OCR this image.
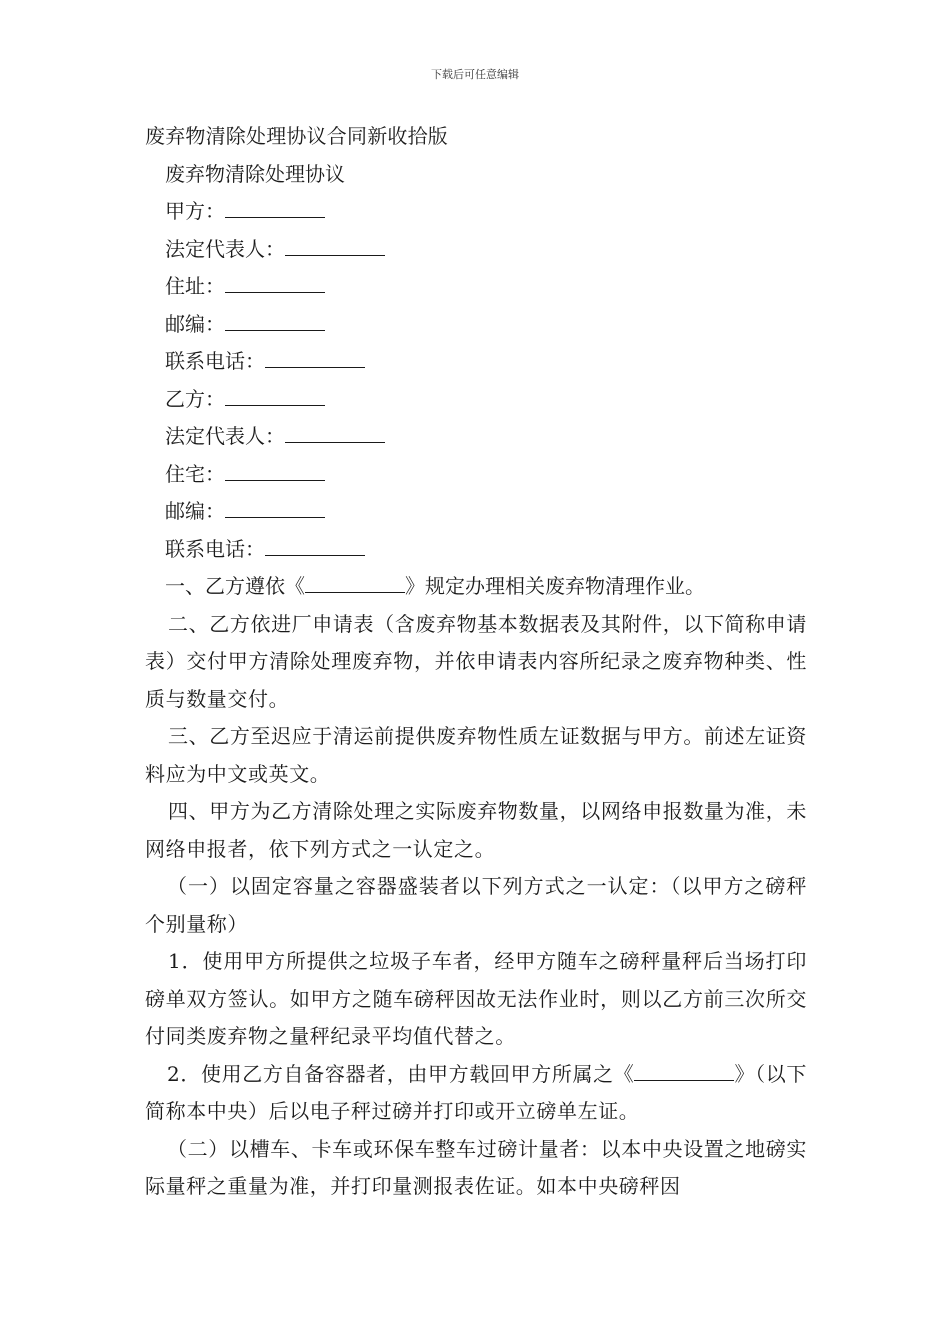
下载后可任意编辑
废弃物清除处理协议合同新收拾版
废弃物清除处理协议
甲方：
法定代表人：
住址：
邮编：
联系电话：
乙方：
法定代表人：
住宅：
邮编：
联系电话：
一、乙方遵依《	》规定办理相关废弃物清理作业。
二、乙方依进厂申请表（含废弃物基本数据表及其附件，以下简称申请表）交付甲方清除处理废弃物，并依申请表内容所纪录之废弃物种类、性质与数量交付。
三、乙方至迟应于清运前提供废弃物性质左证数据与甲方。前述左证资料应为中文或英文。
四、甲方为乙方清除处理之实际废弃物数量，以网络申报数量为准，未网络申报者，依下列方式之一认定之。
（一）以固定容量之容器盛装者以下列方式之一认定：（以甲方之磅秤个别量称）
1．使用甲方所提供之垃圾子车者，经甲方随车之磅秤量秤后当场打印磅单双方签认。如甲方之随车磅秤因故无法作业时，则以乙方前三次所交付同类废弃物之量秤纪录平均值代替之。
2．使用乙方自备容器者，由甲方载回甲方所属之《	》（以下简称本中央）后以电子秤过磅并打印或开立磅单左证。
（二）以槽车、卡车或环保车整车过磅计量者：以本中央设置之地磅实际量秤之重量为准，并打印量测报表佐证。如本中央磅秤因
